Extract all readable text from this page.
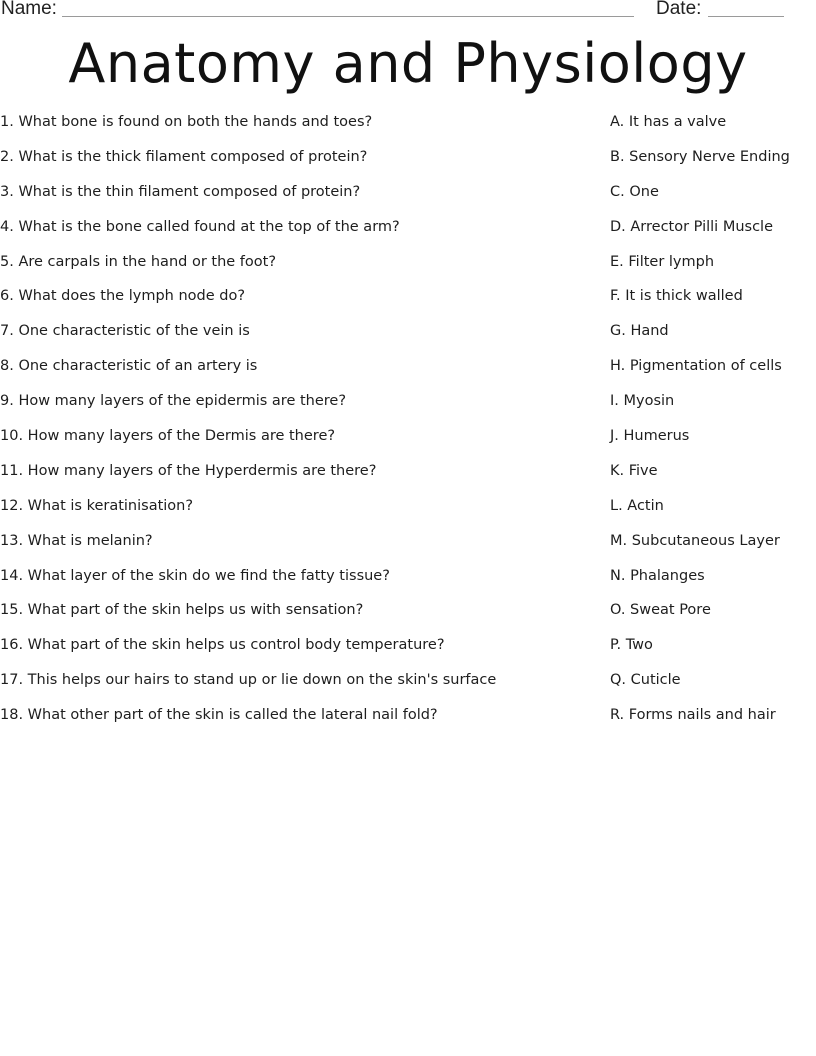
Name:	Date:
Anatomy and Physiology
1. What bone is found on both the hands and toes?
2. What is the thick filament composed of protein?
3. What is the thin filament composed of protein?
4. What is the bone called found at the top of the arm?
5. Are carpals in the hand or the foot?
6. What does the lymph node do?
7. One characteristic of the vein is
8. One characteristic of an artery is
9. How many layers of the epidermis are there?
10. How many layers of the Dermis are there?
11. How many layers of the Hyperdermis are there?
12. What is keratinisation?
13. What is melanin?
14. What layer of the skin do we find the fatty tissue?
15. What part of the skin helps us with sensation?
16. What part of the skin helps us control body temperature?
17. This helps our hairs to stand up or lie down on the skin's surface
18. What other part of the skin is called the lateral nail fold?
A. It has a valve
B. Sensory Nerve Ending
C. One
D. Arrector Pilli Muscle
E. Filter lymph
F. It is thick walled
G. Hand
H. Pigmentation of cells
I. Myosin
J. Humerus
K. Five
L. Actin
M. Subcutaneous Layer
N. Phalanges
O. Sweat Pore
P. Two
Q. Cuticle
R. Forms nails and hair
